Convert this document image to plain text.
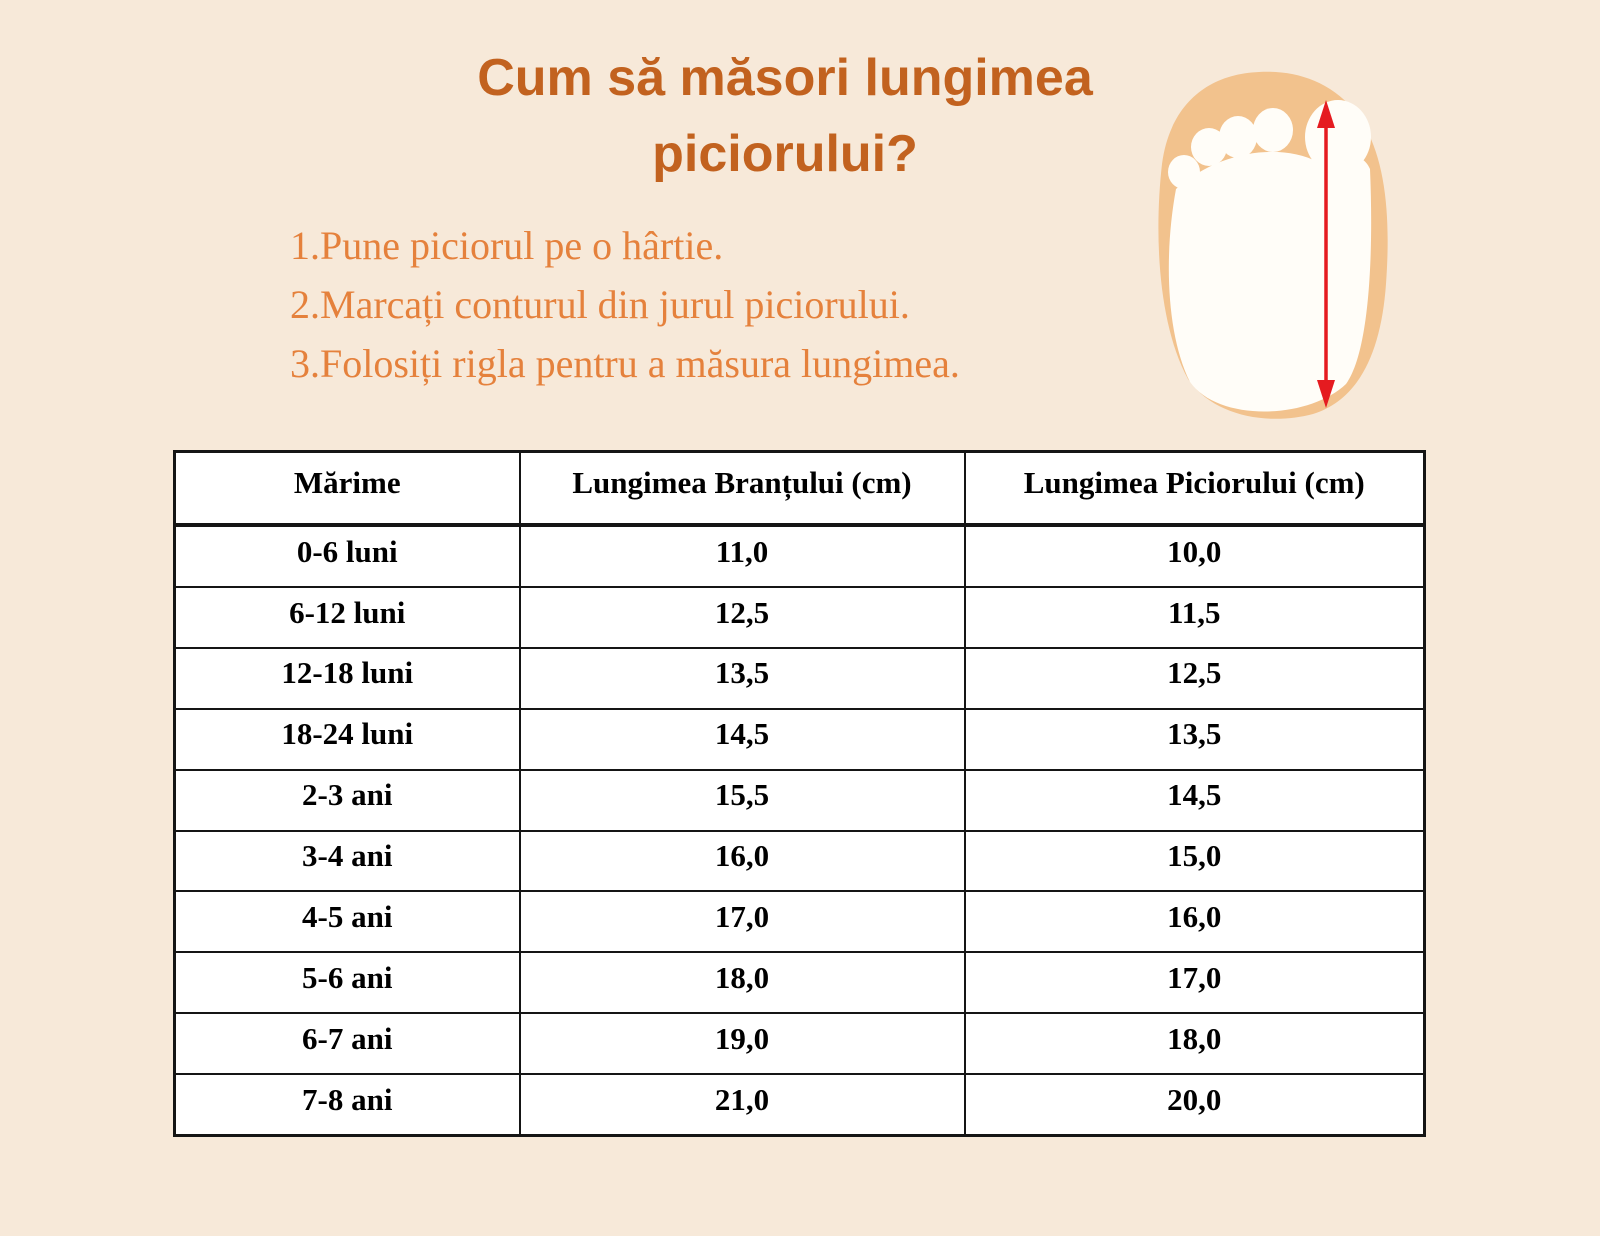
Cum să măsori lungimea
piciorului?
1.Pune piciorul pe o hârtie.
2.Marcați conturul din jurul piciorului.
3.Folosiți rigla pentru a măsura lungimea.
Mărime	Lungimea Branțului (cm)	Lungimea Piciorului (cm)
0-6 luni	11,0	10,0
6-12 luni	12,5	11,5
12-18 luni	13,5	12,5
18-24 luni	14,5	13,5
2-3 ani	15,5	14,5
3-4 ani	16,0	15,0
4-5 ani	17,0	16,0
5-6 ani	18,0	17,0
6-7 ani	19,0	18,0
7-8 ani	21,0	20,0
